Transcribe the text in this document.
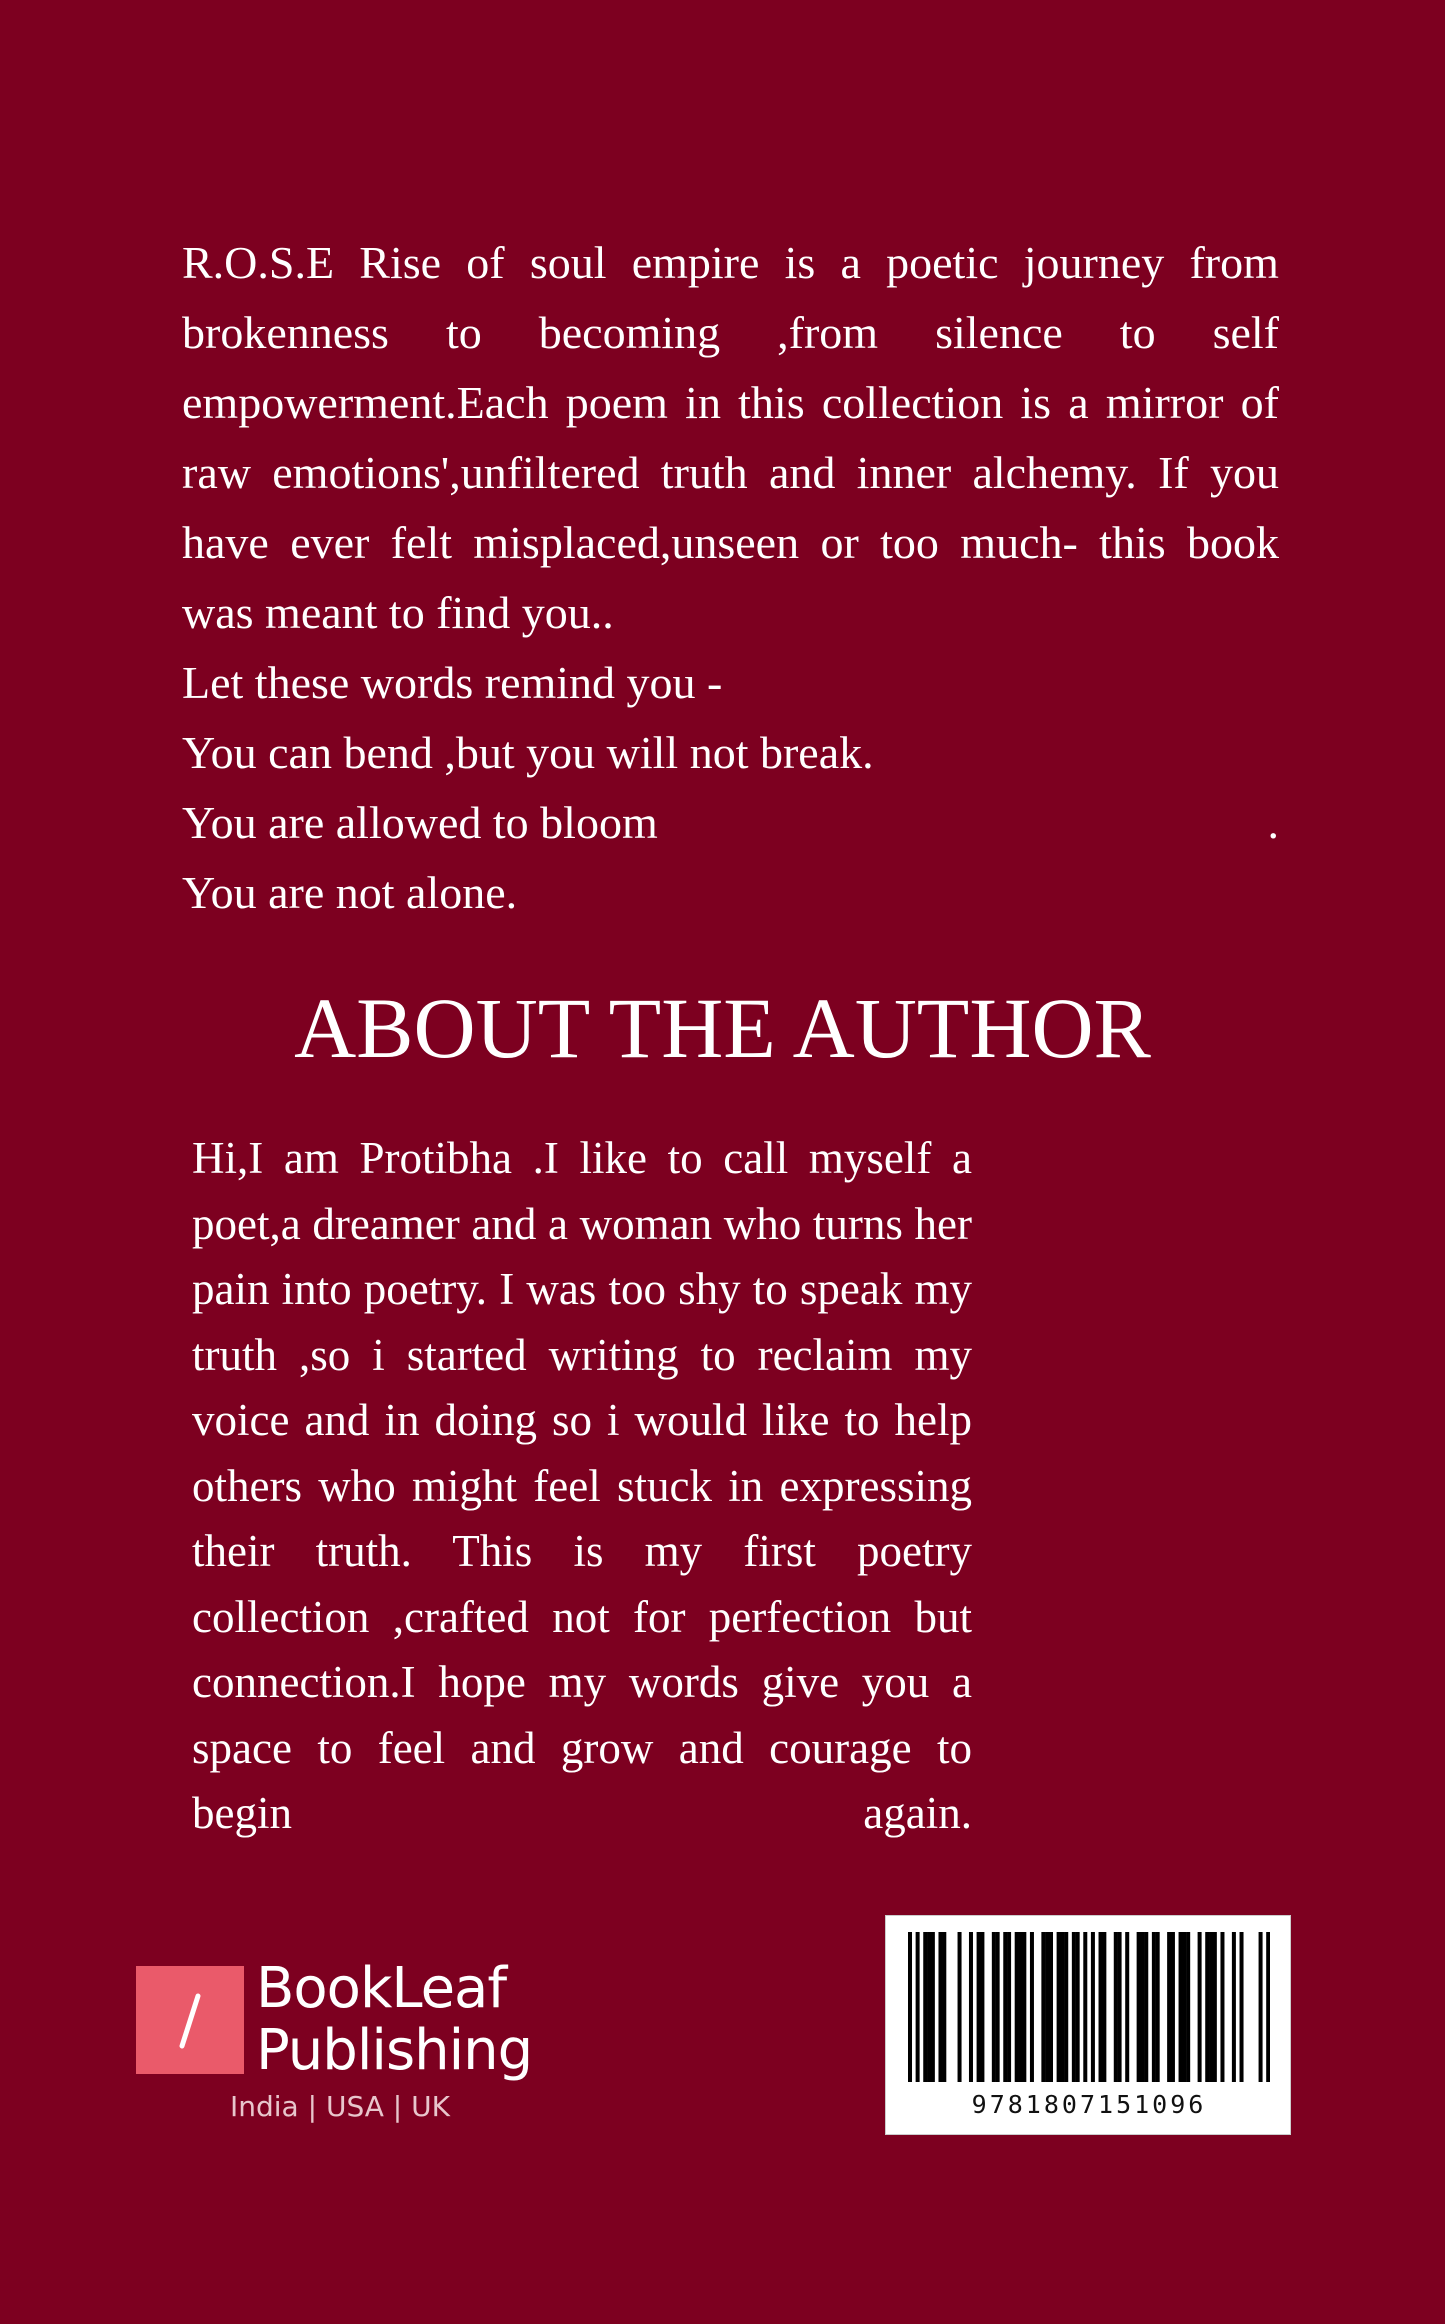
R.O.S.E Rise of soul empire is a poetic journey from
brokenness to becoming ,from silence to self
empowerment.Each poem in this collection is a mirror of
raw emotions',unfiltered truth and inner alchemy. If you
have ever felt misplaced,unseen or too much- this book
was meant to find you..
Let these words remind you -
You can bend ,but you will not break.
You are allowed to bloom	.
You are not alone.
ABOUT THE AUTHOR
Hi,I am Protibha .I like to call myself a poet,a dreamer and a woman who turns her pain into poetry. I was too shy to speak my truth ,so i started writing to reclaim my voice and in doing so i would like to help others who might feel stuck in expressing their truth. This is my first poetry collection ,crafted not for perfection but connection.I hope my words give you a space to feel and grow and courage to begin again.
BookLeaf
Publishing
India | USA | UK	9781807151096
